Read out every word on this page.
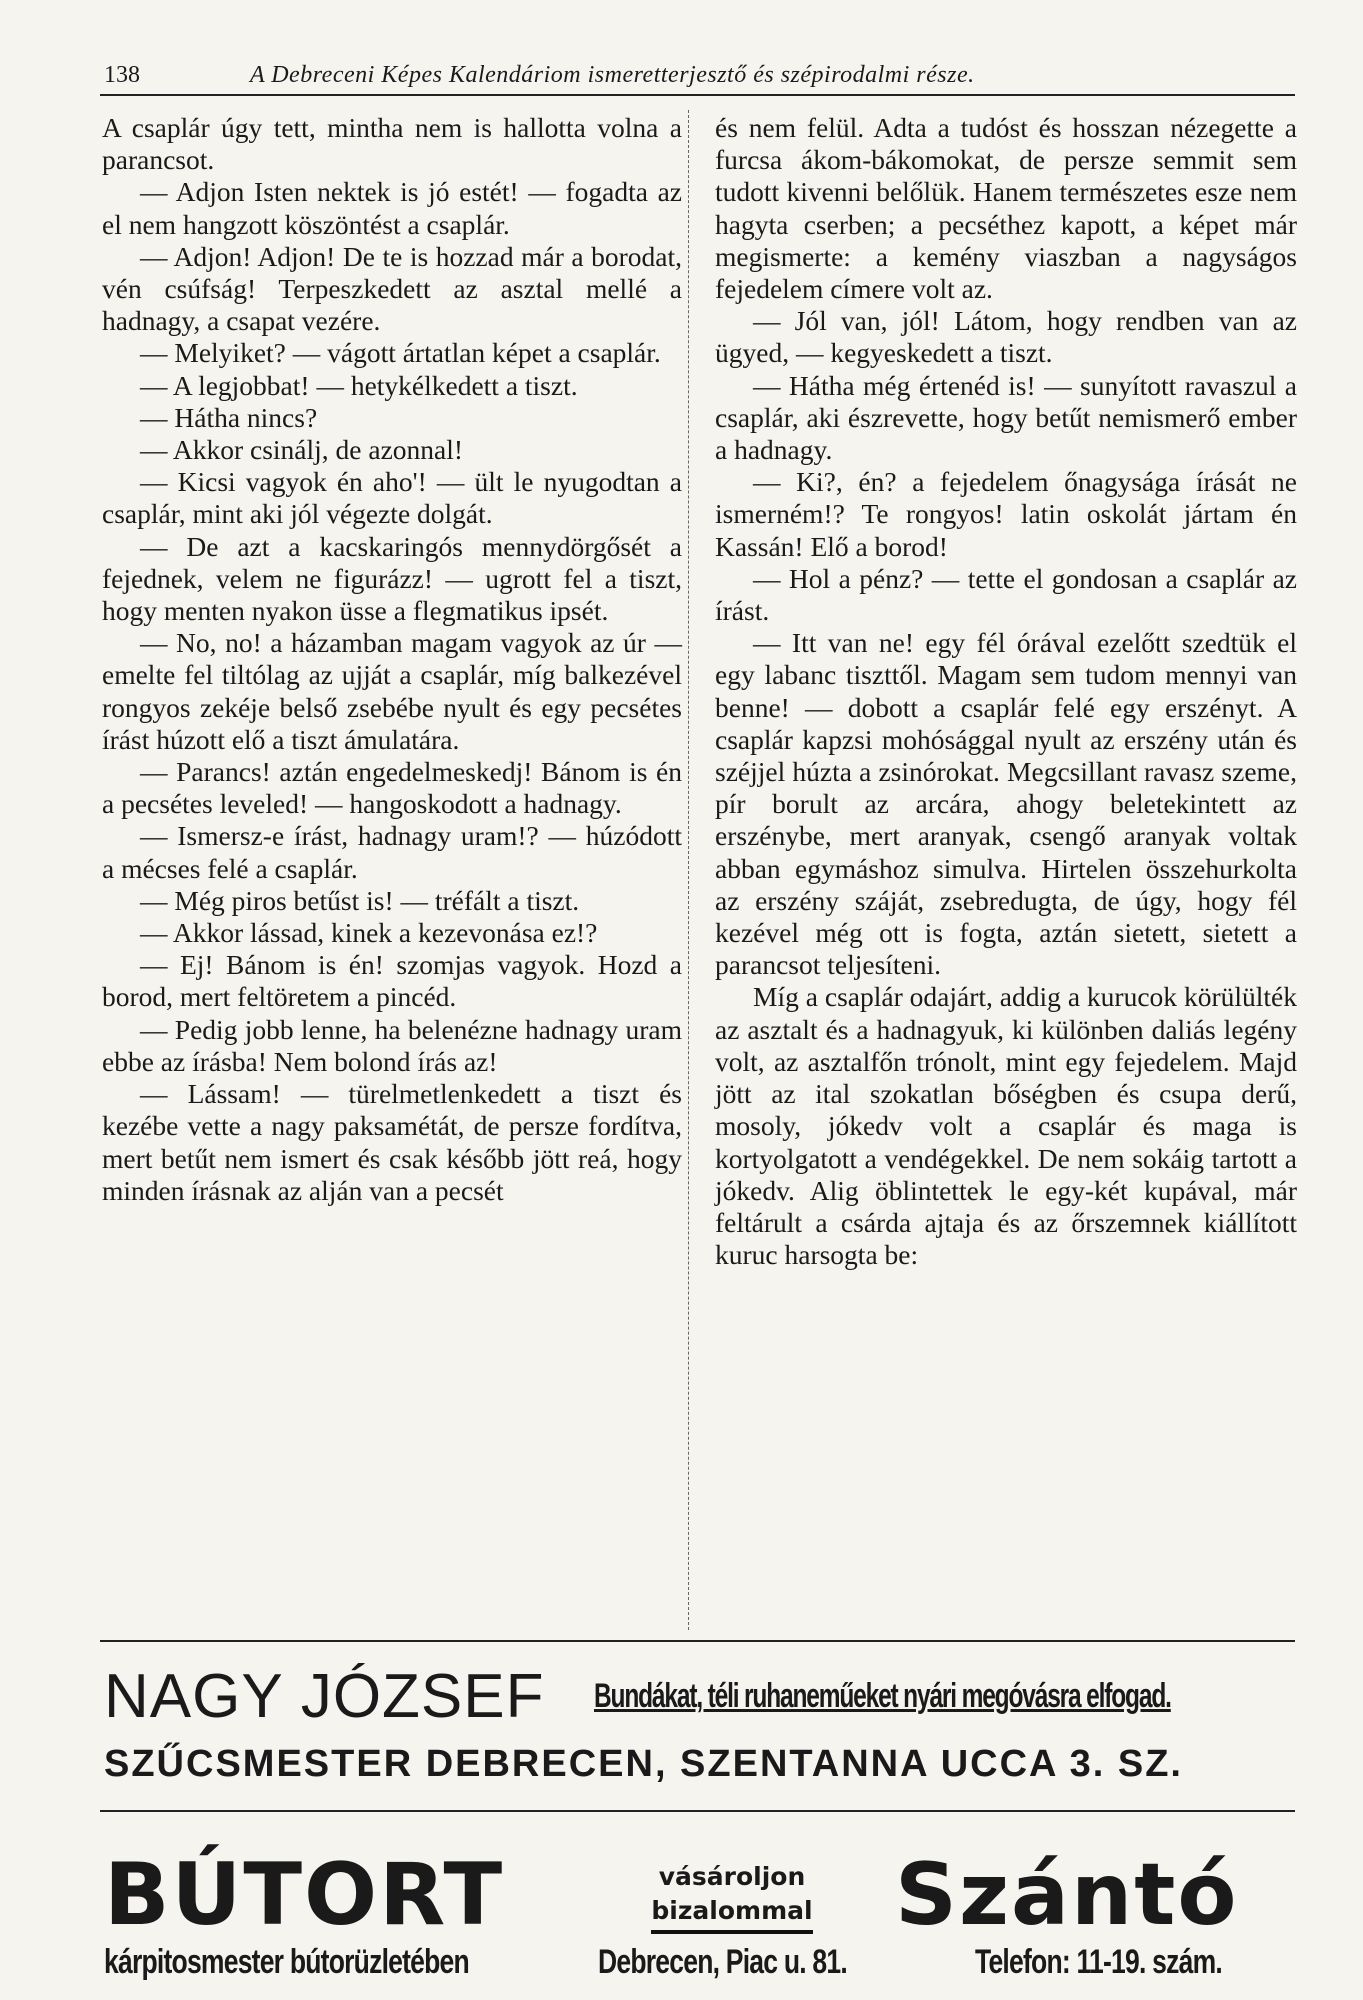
138	A Debreceni Képes Kalendáriom ismeretterjesztő és szépirodalmi része.

A csaplár úgy tett, mintha nem is hallotta volna a parancsot.

— Adjon Isten nektek is jó estét! — fogadta az el nem hangzott köszöntést a csaplár.

— Adjon! Adjon! De te is hozzad már a borodat, vén csúfság! Terpeszkedett az asztal mellé a hadnagy, a csapat vezére.

— Melyiket? — vágott ártatlan képet a csaplár.

— A legjobbat! — hetykélkedett a tiszt.

— Hátha nincs?

— Akkor csinálj, de azonnal!

— Kicsi vagyok én aho'! — ült le nyugodtan a csaplár, mint aki jól végezte dolgát.

— De azt a kacskaringós mennydörgősét a fejednek, velem ne figurázz! — ugrott fel a tiszt, hogy menten nyakon üsse a flegmatikus ipsét.

— No, no! a házamban magam vagyok az úr — emelte fel tiltólag az ujját a csaplár, míg balkezével rongyos zekéje belső zsebébe nyult és egy pecsétes írást húzott elő a tiszt ámulatára.

— Parancs! aztán engedelmeskedj! Bánom is én a pecsétes leveled! — hangoskodott a hadnagy.

— Ismersz-e írást, hadnagy uram!? — húzódott a mécses felé a csaplár.

— Még piros betűst is! — tréfált a tiszt.

— Akkor lássad, kinek a kezevonása ez!?

— Ej! Bánom is én! szomjas vagyok. Hozd a borod, mert feltöretem a pincéd.

— Pedig jobb lenne, ha belenézne hadnagy uram ebbe az írásba! Nem bolond írás az!

— Lássam! — türelmetlenkedett a tiszt és kezébe vette a nagy paksamétát, de persze fordítva, mert betűt nem ismert és csak később jött reá, hogy minden írásnak az alján van a pecsét

és nem felül. Adta a tudóst és hosszan nézegette a furcsa ákom-bákomokat, de persze semmit sem tudott kivenni belőlük. Hanem természetes esze nem hagyta cserben; a pecséthez kapott, a képet már megismerte: a kemény viaszban a nagyságos fejedelem címere volt az.

— Jól van, jól! Látom, hogy rendben van az ügyed, — kegyeskedett a tiszt.

— Hátha még értenéd is! — sunyított ravaszul a csaplár, aki észrevette, hogy betűt nemismerő ember a hadnagy.

— Ki?, én? a fejedelem őnagysága írását ne ismerném!? Te rongyos! latin oskolát jártam én Kassán! Elő a borod!

— Hol a pénz? — tette el gondosan a csaplár az írást.

— Itt van ne! egy fél órával ezelőtt szedtük el egy labanc tiszttől. Magam sem tudom mennyi van benne! — dobott a csaplár felé egy erszényt. A csaplár kapzsi mohósággal nyult az erszény után és széjjel húzta a zsinórokat. Megcsillant ravasz szeme, pír borult az arcára, ahogy beletekintett az erszénybe, mert aranyak, csengő aranyak voltak abban egymáshoz simulva. Hirtelen összehurkolta az erszény száját, zsebredugta, de úgy, hogy fél kezével még ott is fogta, aztán sietett, sietett a parancsot teljesíteni.

Míg a csaplár odajárt, addig a kurucok körülülték az asztalt és a hadnagyuk, ki különben daliás legény volt, az asztalfőn trónolt, mint egy fejedelem. Majd jött az ital szokatlan bőségben és csupa derű, mosoly, jókedv volt a csaplár és maga is kortyolgatott a vendégekkel. De nem sokáig tartott a jókedv. Alig öblintettek le egy-két kupával, már feltárult a csárda ajtaja és az őrszemnek kiállított kuruc harsogta be:

NAGY JÓZSEF Bundákat, téli ruhaneműeket nyári megóvásra elfogad.
SZŰCSMESTER DEBRECEN, SZENTANNA UCCA 3. SZ.
BÚTORT	vásároljon
bizalommal Szántó
kárpitosmester bútorüzletében	Debrecen, Piac u. 81.	Telefon: 11-19. szám.
